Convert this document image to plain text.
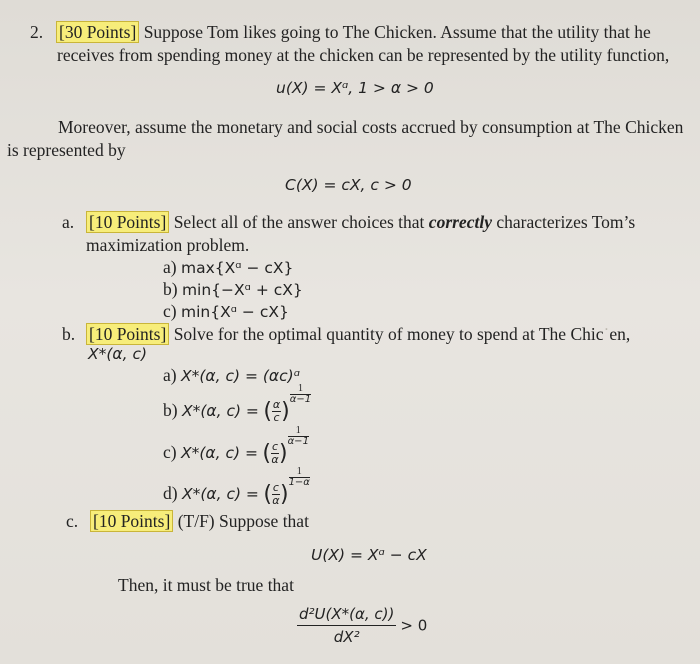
2. [30 Points] Suppose Tom likes going to The Chicken. Assume that the utility that he
receives from spending money at the chicken can be represented by the utility function,
u(X) = Xᵅ, 1 > α > 0
Moreover, assume the monetary and social costs accrued by consumption at The Chicken
is represented by
C(X) = cX, c > 0
a. [10 Points] Select all of the answer choices that correctly characterizes Tom’s
maximization problem.
a) max{Xᵅ − cX}
b) min{−Xᵅ + cX}
c) min{Xᵅ − cX}
b. [10 Points] Solve for the optimal quantity of money to spend at The Chic˙en,
X*(α, c)
a) X*(α, c) = (αc)ᵅ
b) X*(α, c) = ( $\frac{\alpha}{c}$ )
$\frac{1}{\alpha-1}$
c) X*(α, c) = ( $\frac{c}{\alpha}$ )
$\frac{1}{\alpha-1}$
d) X*(α, c) = ( $\frac{c}{\alpha}$ )
$\frac{1}{1-\alpha}$
c. [10 Points] (T/F) Suppose that
U(X) = Xᵅ − cX
Then, it must be true that
$\frac{\text{d²U(X*(α, c))}}{\text{dX²}} > 0$
